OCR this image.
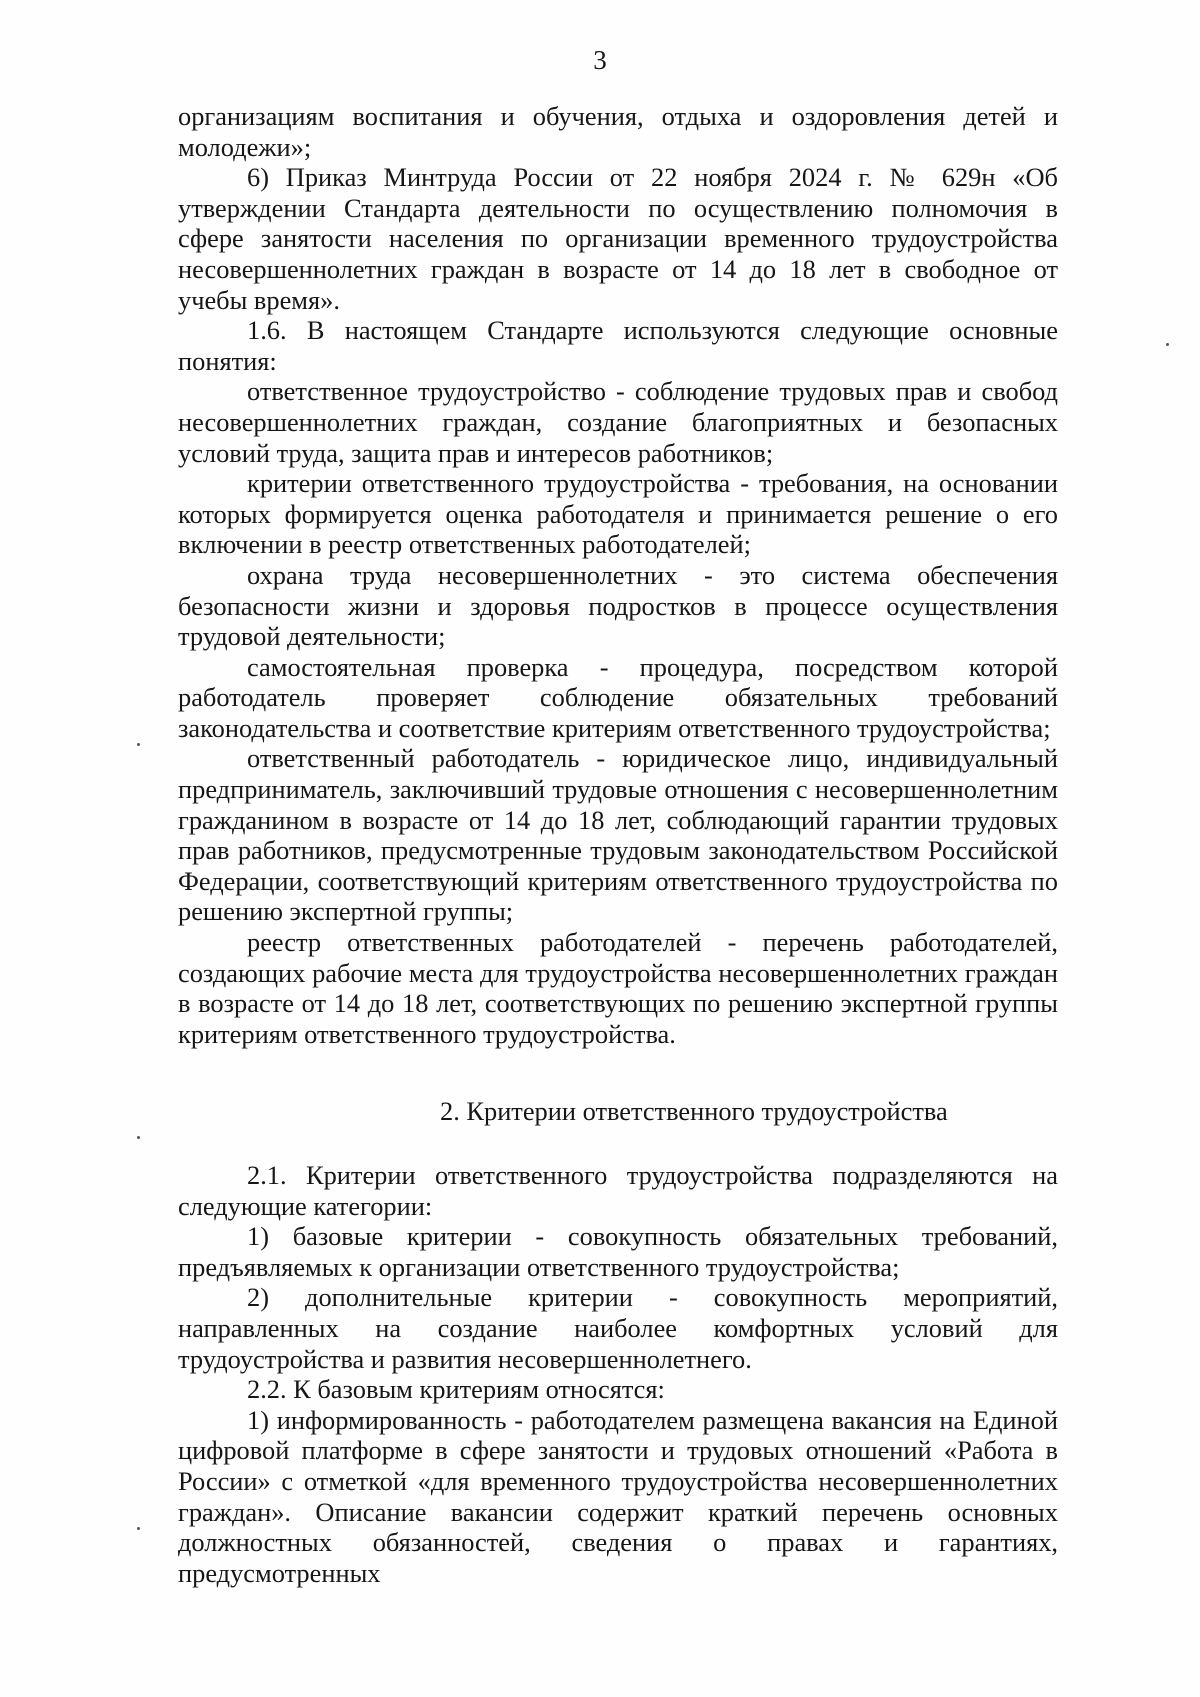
3

организациям воспитания и обучения, отдыха и оздоровления детей и молодежи»;

6) Приказ Минтруда России от 22 ноября 2024 г. № 629н «Об утверждении Стандарта деятельности по осуществлению полномочия в сфере занятости населения по организации временного трудоустройства несовершеннолетних граждан в возрасте от 14 до 18 лет в свободное от учебы время».

1.6. В настоящем Стандарте используются следующие основные понятия:

ответственное трудоустройство - соблюдение трудовых прав и свобод несовершеннолетних граждан, создание благоприятных и безопасных условий труда, защита прав и интересов работников;

критерии ответственного трудоустройства - требования, на основании которых формируется оценка работодателя и принимается решение о его включении в реестр ответственных работодателей;

охрана труда несовершеннолетних - это система обеспечения безопасности жизни и здоровья подростков в процессе осуществления трудовой деятельности;

самостоятельная проверка - процедура, посредством которой работодатель проверяет соблюдение обязательных требований законодательства и соответствие критериям ответственного трудоустройства;

ответственный работодатель - юридическое лицо, индивидуальный предприниматель, заключивший трудовые отношения с несовершеннолетним гражданином в возрасте от 14 до 18 лет, соблюдающий гарантии трудовых прав работников, предусмотренные трудовым законодательством Российской Федерации, соответствующий критериям ответственного трудоустройства по решению экспертной группы;

реестр ответственных работодателей - перечень работодателей, создающих рабочие места для трудоустройства несовершеннолетних граждан в возрасте от 14 до 18 лет, соответствующих по решению экспертной группы критериям ответственного трудоустройства.

2. Критерии ответственного трудоустройства

2.1. Критерии ответственного трудоустройства подразделяются на следующие категории:

1) базовые критерии - совокупность обязательных требований, предъявляемых к организации ответственного трудоустройства;

2) дополнительные критерии - совокупность мероприятий, направленных на создание наиболее комфортных условий для трудоустройства и развития несовершеннолетнего.

2.2. К базовым критериям относятся:

1) информированность - работодателем размещена вакансия на Единой цифровой платформе в сфере занятости и трудовых отношений «Работа в России» с отметкой «для временного трудоустройства несовершеннолетних граждан». Описание вакансии содержит краткий перечень основных должностных обязанностей, сведения о правах и гарантиях, предусмотренных
